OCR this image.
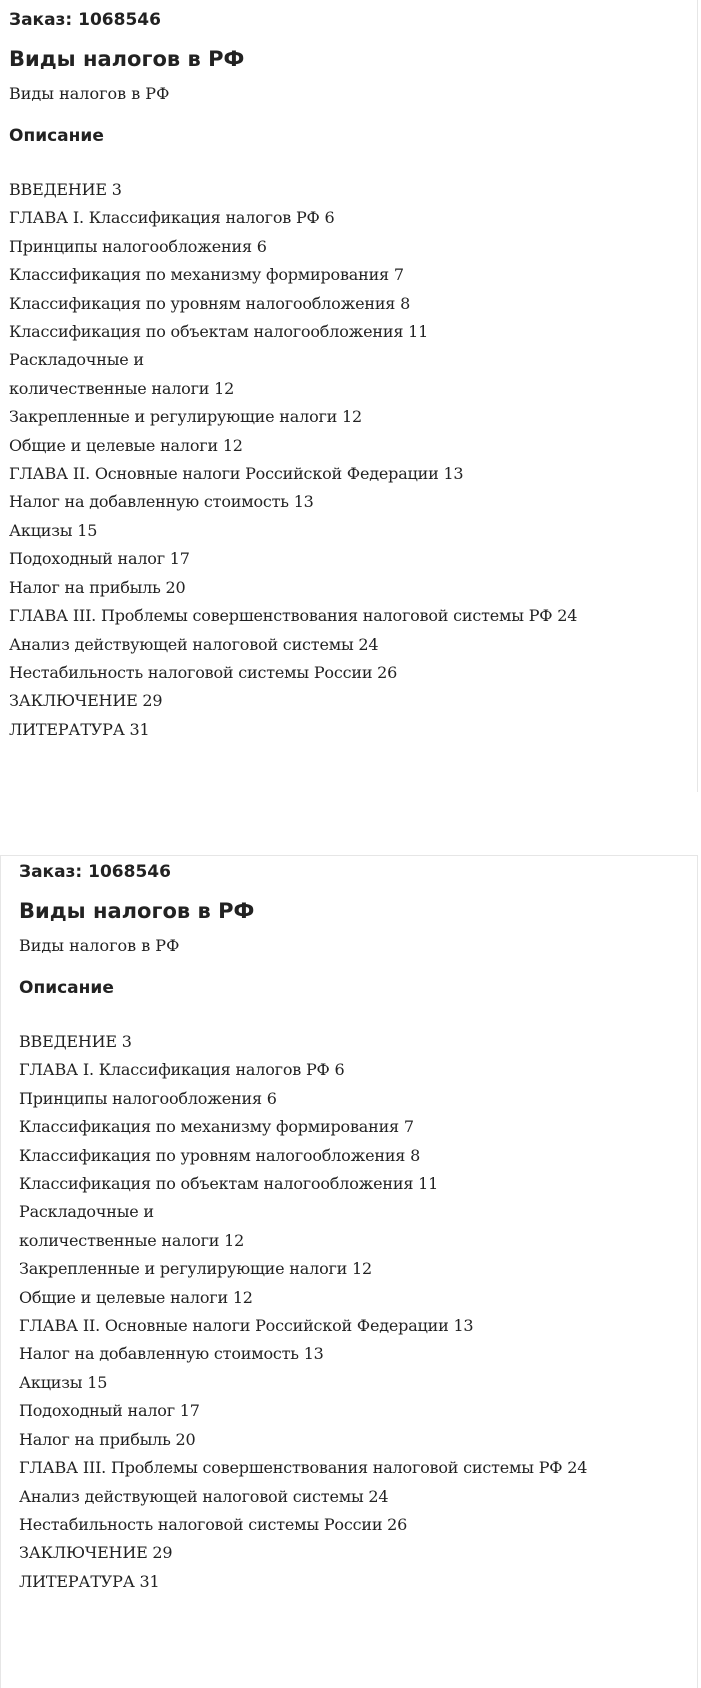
Заказ: 1068546
Виды налогов в РФ
Виды налогов в РФ
Описание
ВВЕДЕНИЕ 3
ГЛАВА I. Классификация налогов РФ 6
Принципы налогообложения 6
Классификация по механизму формирования 7
Классификация по уровням налогообложения 8
Классификация по объектам налогообложения 11
Раскладочные и
количественные налоги 12
Закрепленные и регулирующие налоги 12
Общие и целевые налоги 12
ГЛАВА II. Основные налоги Российской Федерации 13
Налог на добавленную стоимость 13
Акцизы 15
Подоходный налог 17
Налог на прибыль 20
ГЛАВА III. Проблемы совершенствования налоговой системы РФ 24
Анализ действующей налоговой системы 24
Нестабильность налоговой системы России 26
ЗАКЛЮЧЕНИЕ 29
ЛИТЕРАТУРА 31
Заказ: 1068546
Виды налогов в РФ
Виды налогов в РФ
Описание
ВВЕДЕНИЕ 3
ГЛАВА I. Классификация налогов РФ 6
Принципы налогообложения 6
Классификация по механизму формирования 7
Классификация по уровням налогообложения 8
Классификация по объектам налогообложения 11
Раскладочные и
количественные налоги 12
Закрепленные и регулирующие налоги 12
Общие и целевые налоги 12
ГЛАВА II. Основные налоги Российской Федерации 13
Налог на добавленную стоимость 13
Акцизы 15
Подоходный налог 17
Налог на прибыль 20
ГЛАВА III. Проблемы совершенствования налоговой системы РФ 24
Анализ действующей налоговой системы 24
Нестабильность налоговой системы России 26
ЗАКЛЮЧЕНИЕ 29
ЛИТЕРАТУРА 31
